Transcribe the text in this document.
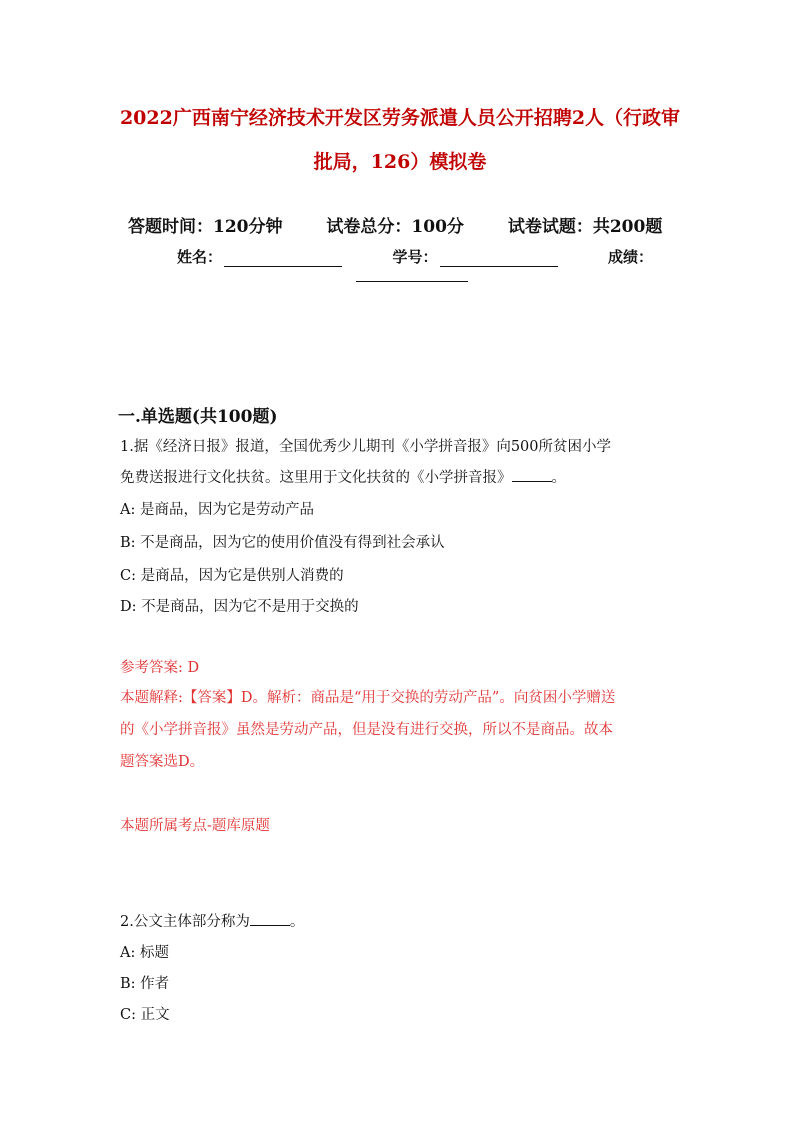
2022广西南宁经济技术开发区劳务派遣人员公开招聘2人（行政审
批局，126）模拟卷
答题时间：120分钟	试卷总分：100分	试卷试题：共200题
姓名：	学号：	成绩：
一.单选题(共100题)
1.据《经济日报》报道，全国优秀少儿期刊《小学拼音报》向500所贫困小学
免费送报进行文化扶贫。这里用于文化扶贫的《小学拼音报》	。
A: 是商品，因为它是劳动产品
B: 不是商品，因为它的使用价值没有得到社会承认
C: 是商品，因为它是供别人消费的
D: 不是商品，因为它不是用于交换的
参考答案: D
本题解释:【答案】D。解析：商品是“用于交换的劳动产品”。向贫困小学赠送
的《小学拼音报》虽然是劳动产品，但是没有进行交换，所以不是商品。故本
题答案选D。
本题所属考点-题库原题
2.公文主体部分称为	。
A: 标题
B: 作者
C: 正文
